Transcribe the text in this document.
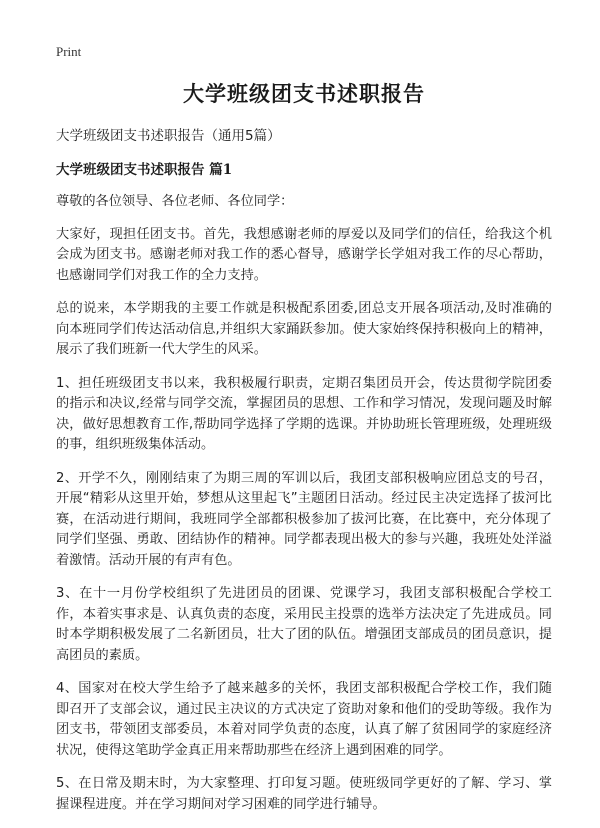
Print
大学班级团支书述职报告
大学班级团支书述职报告（通用5篇）
大学班级团支书述职报告 篇1
尊敬的各位领导、各位老师、各位同学：
大家好，现担任团支书。首先，我想感谢老师的厚爱以及同学们的信任，给我这个机会成为团支书。感谢老师对我工作的悉心督导，感谢学长学姐对我工作的尽心帮助，也感谢同学们对我工作的全力支持。
总的说来，本学期我的主要工作就是积极配系团委,团总支开展各项活动,及时准确的向本班同学们传达活动信息,并组织大家踊跃参加。使大家始终保持积极向上的精神，展示了我们班新一代大学生的风采。
1、担任班级团支书以来，我积极履行职责，定期召集团员开会，传达贯彻学院团委的指示和决议,经常与同学交流，掌握团员的思想、工作和学习情况，发现问题及时解决，做好思想教育工作,帮助同学选择了学期的选课。并协助班长管理班级，处理班级的事，组织班级集体活动。
2、开学不久，刚刚结束了为期三周的军训以后，我团支部积极响应团总支的号召，开展“精彩从这里开始，梦想从这里起飞”主题团日活动。经过民主决定选择了拔河比赛，在活动进行期间，我班同学全部都积极参加了拔河比赛，在比赛中，充分体现了同学们坚强、勇敢、团结协作的精神。同学都表现出极大的参与兴趣，我班处处洋溢着激情。活动开展的有声有色。
3、在十一月份学校组织了先进团员的团课、党课学习，我团支部积极配合学校工作，本着实事求是、认真负责的态度，采用民主投票的选举方法决定了先进成员。同时本学期积极发展了二名新团员，壮大了团的队伍。增强团支部成员的团员意识，提高团员的素质。
4、国家对在校大学生给予了越来越多的关怀，我团支部积极配合学校工作，我们随即召开了支部会议，通过民主决议的方式决定了资助对象和他们的受助等级。我作为团支书，带领团支部委员，本着对同学负责的态度，认真了解了贫困同学的家庭经济状况，使得这笔助学金真正用来帮助那些在经济上遇到困难的同学。
5、在日常及期末时，为大家整理、打印复习题。使班级同学更好的了解、学习、掌握课程进度。并在学习期间对学习困难的同学进行辅导。
